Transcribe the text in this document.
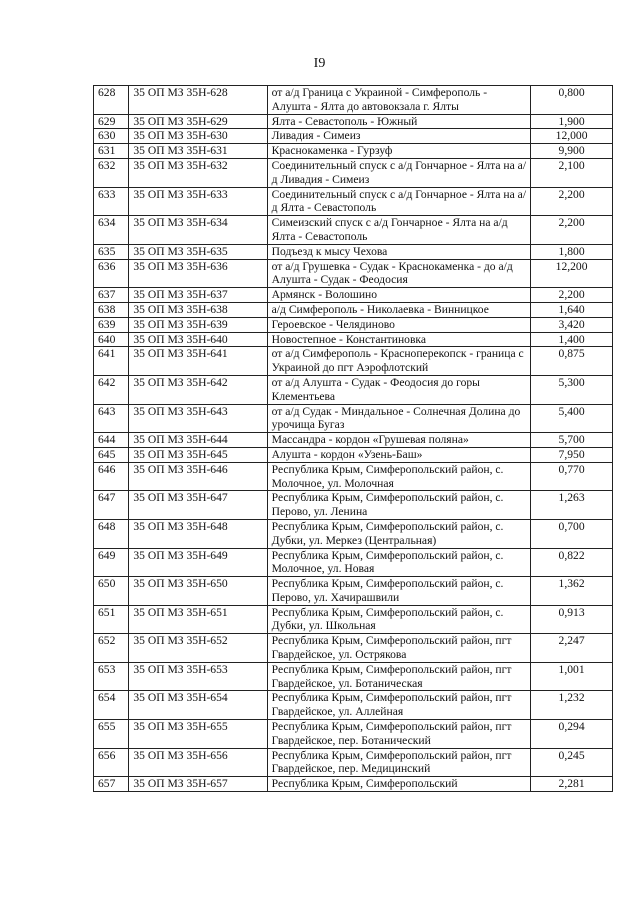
I9
628	35 ОП МЗ 35Н-628	от а/д Граница с Украиной - Симферополь - Алушта - Ялта до автовокзала г. Ялты	0,800
629	35 ОП МЗ 35Н-629	Ялта - Севастополь - Южный	1,900
630	35 ОП МЗ 35Н-630	Ливадия - Симеиз	12,000
631	35 ОП МЗ 35Н-631	Краснокаменка - Гурзуф	9,900
632	35 ОП МЗ 35Н-632	Соединительный спуск с а/д Гончарное - Ялта на а/д Ливадия - Симеиз	2,100
633	35 ОП МЗ 35Н-633	Соединительный спуск с а/д Гончарное - Ялта на а/д Ялта - Севастополь	2,200
634	35 ОП МЗ 35Н-634	Симеизский спуск с а/д Гончарное - Ялта на а/д Ялта - Севастополь	2,200
635	35 ОП МЗ 35Н-635	Подъезд к мысу Чехова	1,800
636	35 ОП МЗ 35Н-636	от а/д Грушевка - Судак - Краснокаменка - до а/д Алушта - Судак - Феодосия	12,200
637	35 ОП МЗ 35Н-637	Армянск - Волошино	2,200
638	35 ОП МЗ 35Н-638	а/д Симферополь - Николаевка - Винницкое	1,640
639	35 ОП МЗ 35Н-639	Героевское - Челядиново	3,420
640	35 ОП МЗ 35Н-640	Новостепное - Константиновка	1,400
641	35 ОП МЗ 35Н-641	от а/д Симферополь - Красноперекопск - граница с Украиной до пгт Аэрофлотский	0,875
642	35 ОП МЗ 35Н-642	от а/д Алушта - Судак - Феодосия до горы Клементьева	5,300
643	35 ОП МЗ 35Н-643	от а/д Судак - Миндальное - Солнечная Долина до урочища Бугаз	5,400
644	35 ОП МЗ 35Н-644	Массандра - кордон «Грушевая поляна»	5,700
645	35 ОП МЗ 35Н-645	Алушта - кордон «Узень-Баш»	7,950
646	35 ОП МЗ 35Н-646	Республика Крым, Симферопольский район, с. Молочное, ул. Молочная	0,770
647	35 ОП МЗ 35Н-647	Республика Крым, Симферопольский район, с. Перово, ул. Ленина	1,263
648	35 ОП МЗ 35Н-648	Республика Крым, Симферопольский район, с. Дубки, ул. Меркез (Центральная)	0,700
649	35 ОП МЗ 35Н-649	Республика Крым, Симферопольский район, с. Молочное, ул. Новая	0,822
650	35 ОП МЗ 35Н-650	Республика Крым, Симферопольский район, с. Перово, ул. Хачирашвили	1,362
651	35 ОП МЗ 35Н-651	Республика Крым, Симферопольский район, с. Дубки, ул. Школьная	0,913
652	35 ОП МЗ 35Н-652	Республика Крым, Симферопольский район, пгт Гвардейское, ул. Острякова	2,247
653	35 ОП МЗ 35Н-653	Республика Крым, Симферопольский район, пгт Гвардейское, ул. Ботаническая	1,001
654	35 ОП МЗ 35Н-654	Республика Крым, Симферопольский район, пгт Гвардейское, ул. Аллейная	1,232
655	35 ОП МЗ 35Н-655	Республика Крым, Симферопольский район, пгт Гвардейское, пер. Ботанический	0,294
656	35 ОП МЗ 35Н-656	Республика Крым, Симферопольский район, пгт Гвардейское, пер. Медицинский	0,245
657	35 ОП МЗ 35Н-657	Республика Крым, Симферопольский	2,281
